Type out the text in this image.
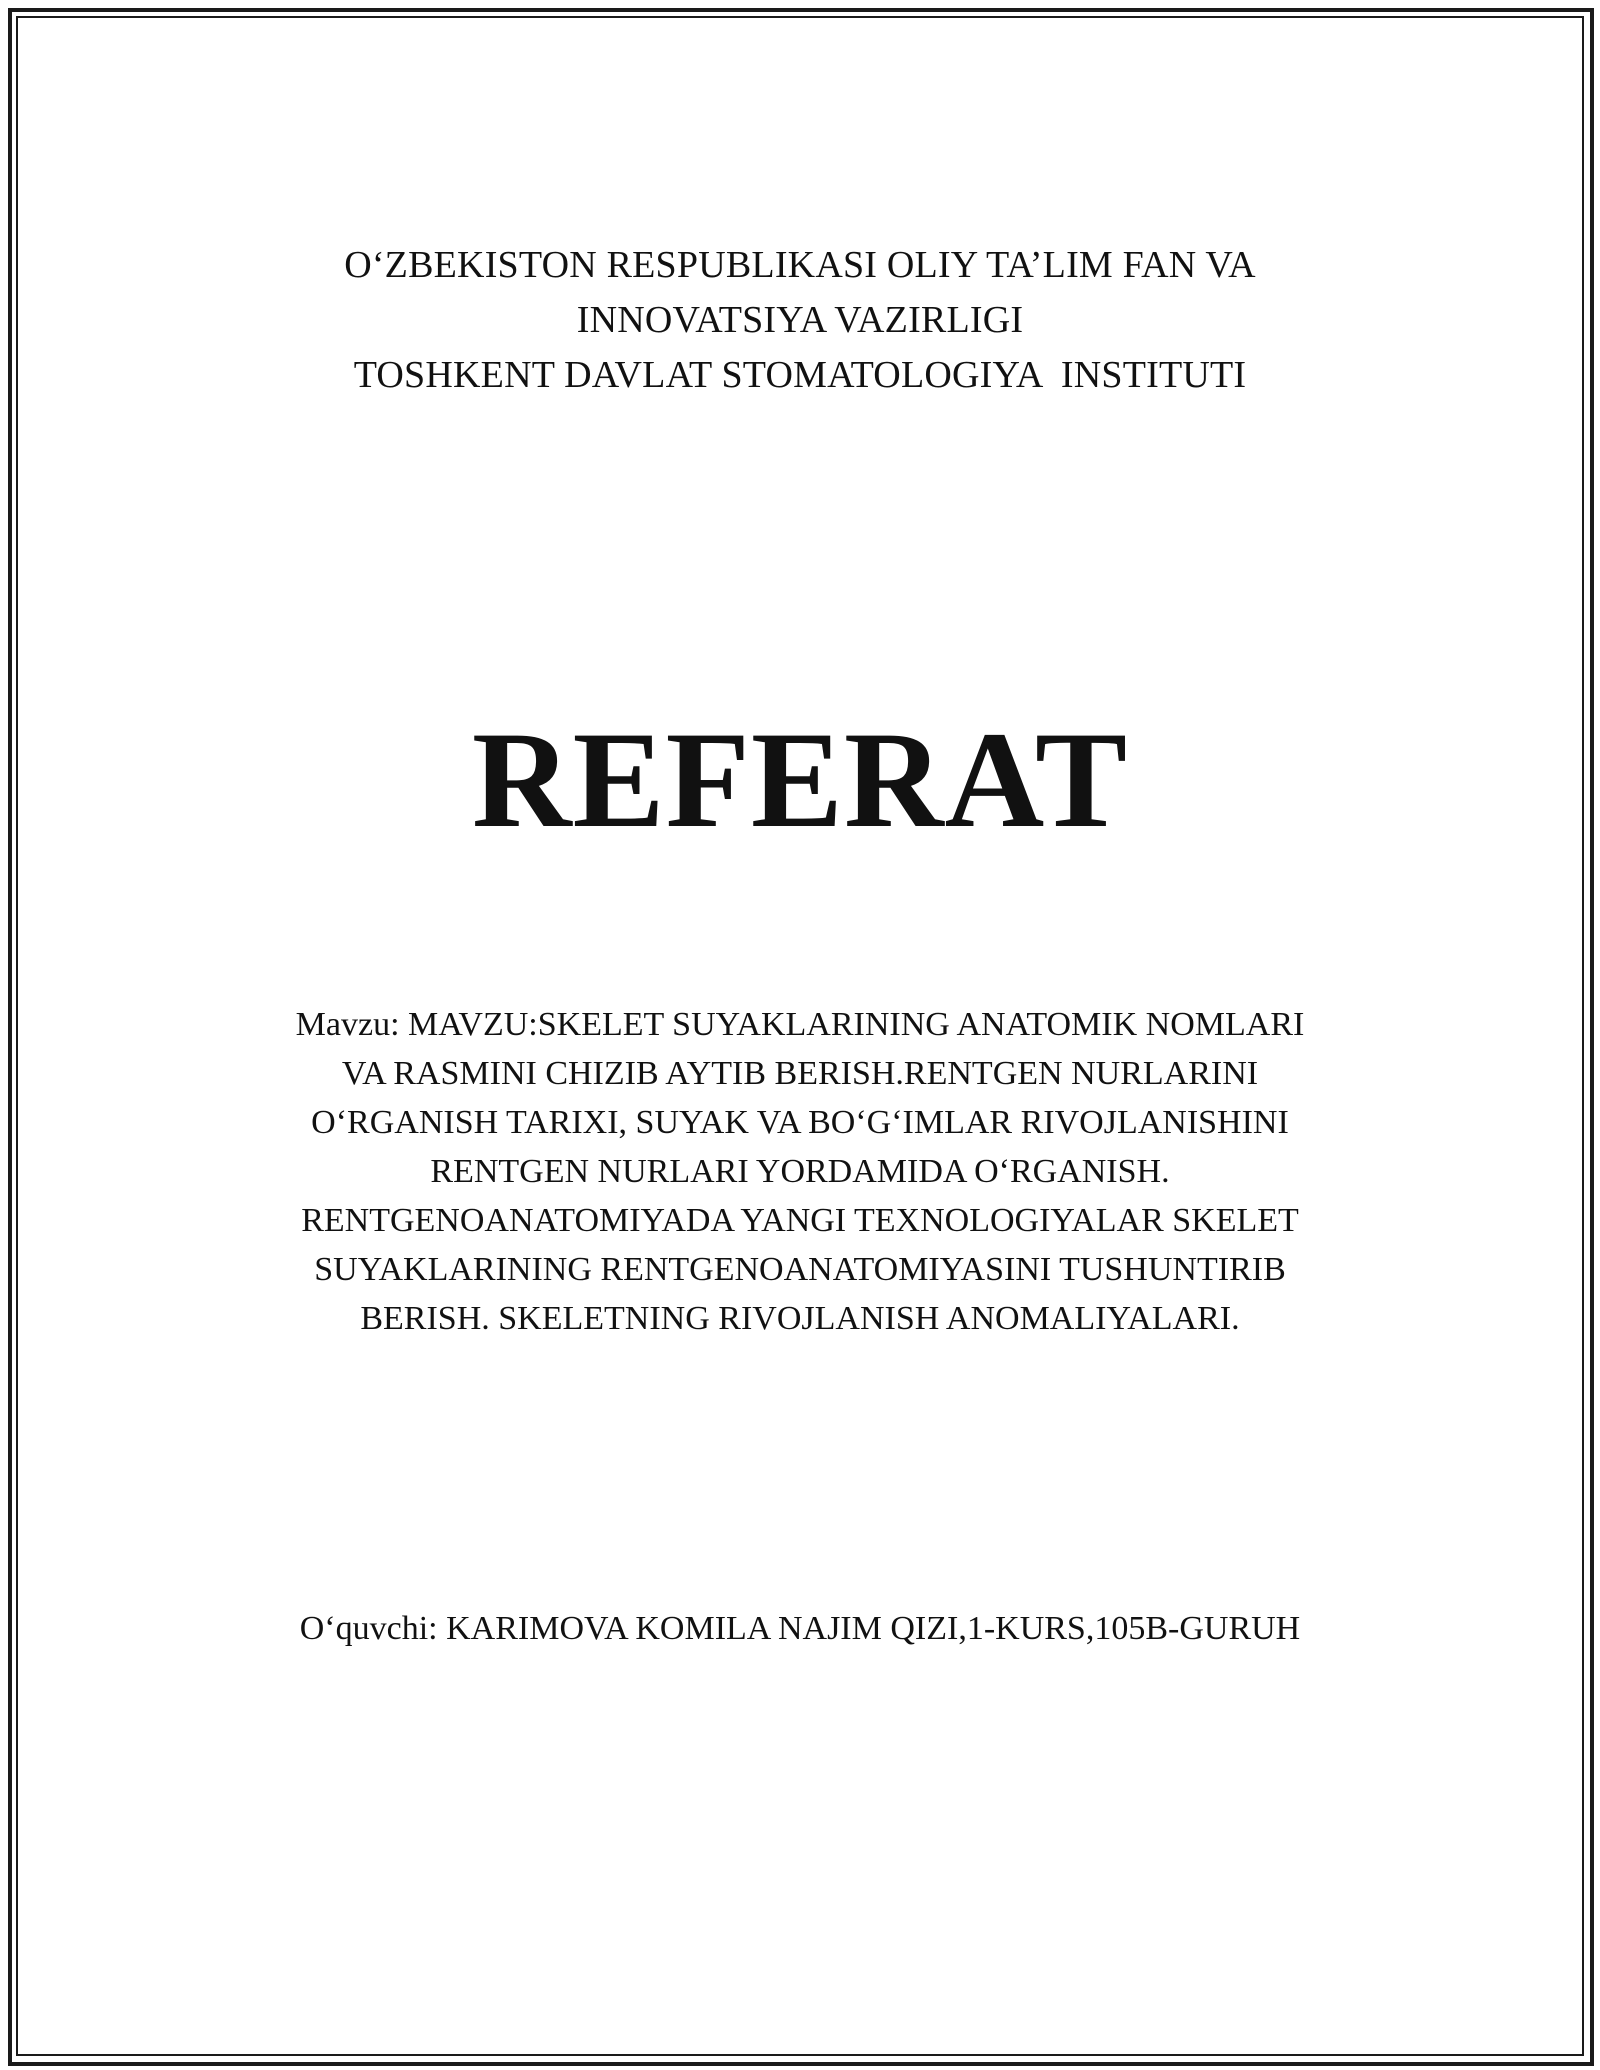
O‘ZBEKISTON RESPUBLIKASI OLIY TA’LIM FAN VA
INNOVATSIYA VAZIRLIGI
TOSHKENT DAVLAT STOMATOLOGIYA  INSTITUTI
REFERAT
Mavzu: MAVZU:SKELET SUYAKLARINING ANATOMIK NOMLARI
VA RASMINI CHIZIB AYTIB BERISH.RENTGEN NURLARINI
O‘RGANISH TARIXI, SUYAK VA BO‘G‘IMLAR RIVOJLANISHINI
RENTGEN NURLARI YORDAMIDA O‘RGANISH.
RENTGENOANATOMIYADA YANGI TEXNOLOGIYALAR SKELET
SUYAKLARINING RENTGENOANATOMIYASINI TUSHUNTIRIB
BERISH. SKELETNING RIVOJLANISH ANOMALIYALARI.
O‘quvchi: KARIMOVA KOMILA NAJIM QIZI,1-KURS,105B-GURUH
